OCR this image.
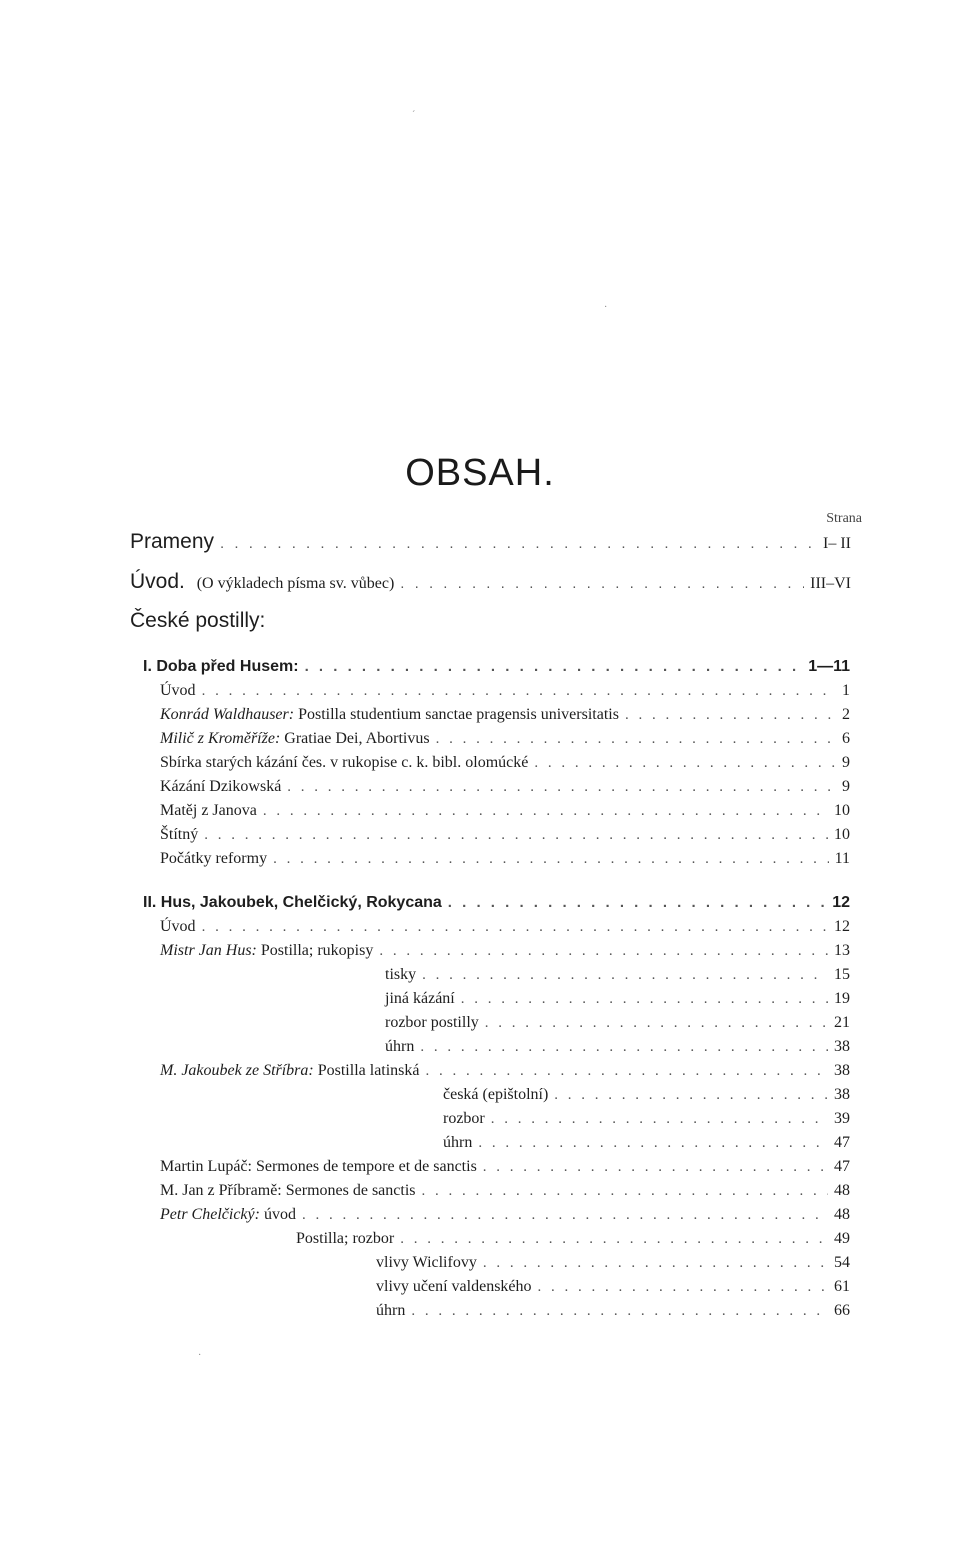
´
·
OBSAH.
Strana
Prameny . . .	I– II
Úvod. (O výkladech písma sv. vůbec) . . .	III–VI
České postilly:
I. Doba před Husem: . . .	1—11
Úvod . . .	1
Konrád Waldhauser: Postilla studentium sanctae pragensis universitatis . . .	2
Milič z Kroměříže: Gratiae Dei, Abortivus . . .	6
Sbírka starých kázání čes. v rukopise c. k. bibl. olomúcké . . .	9
Kázání Dzikowská . . .	9
Matěj z Janova . . .	10
Štítný . . .	10
Počátky reformy . . .	11
II. Hus, Jakoubek, Chelčický, Rokycana . . .	12
Úvod . . .	12
Mistr Jan Hus: Postilla; rukopisy . . .	13
tisky . . .	15
jiná kázání . . .	19
rozbor postilly . . .	21
úhrn . . .	38
M. Jakoubek ze Stříbra: Postilla latinská . . .	38
česká (epištolní) . . .	38
rozbor . . .	39
úhrn . . .	47
Martin Lupáč: Sermones de tempore et de sanctis . . .	47
M. Jan z Příbramě: Sermones de sanctis . . .	48
Petr Chelčický: úvod . . .	48
Postilla; rozbor . . .	49
vlivy Wiclifovy . . .	54
vlivy učení valdenského . . .	61
úhrn . . .	66
·
